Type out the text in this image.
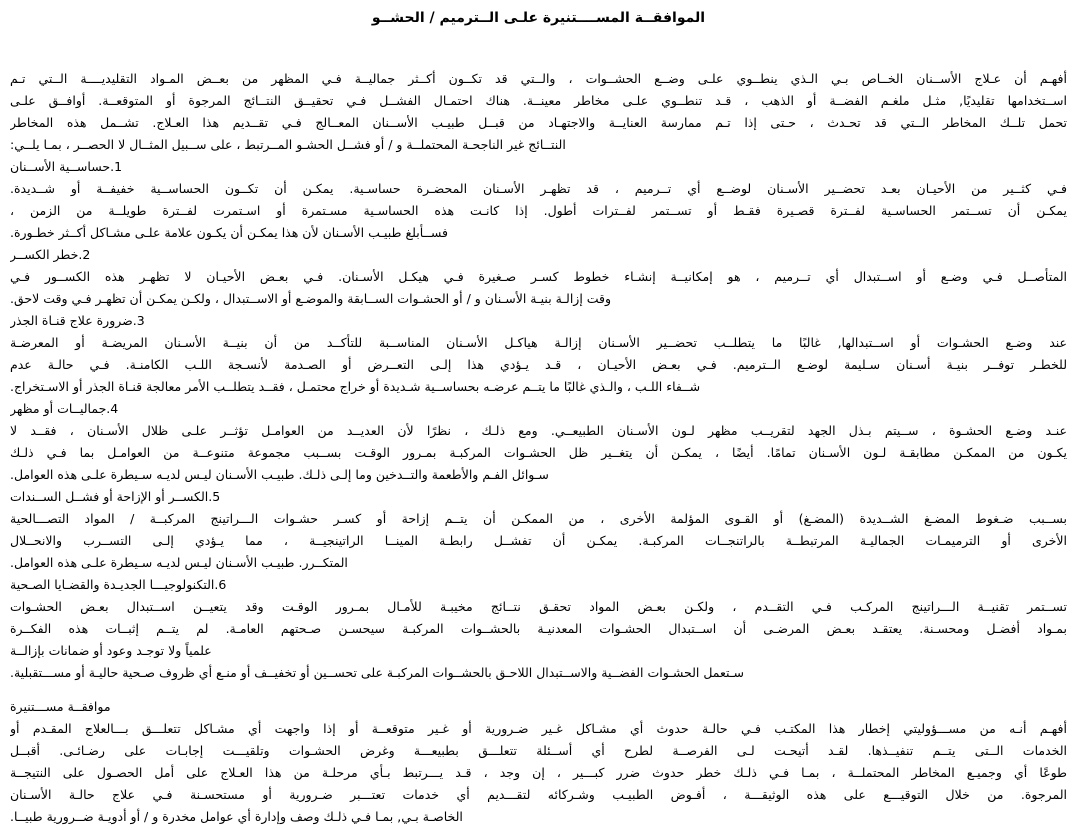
الموافقــة المســــتنيرة علـى الــترميم / الحشــو
أفهـم أن عـلاج الأســنان الخــاص بـي الـذي ينطــوي علـى وضــع الحشــوات ، والــتي قد تكــون أكــثر جماليــة فـي المظهر من بعــض المـواد التقليديــــة الــتي تـم
اســتخدامها تقليديًا, مثـل ملغـم الفضــة أو الذهب ، قـد تنطــوي علـى مخاطر معينــة. هناك احتمـال الفشــل فـي تحقيــق النتــائج المرجوة أو المتوقعــة. أوافــق علـى
تحمل تلــك المخاطر الــتي قد تحـدث ، حـتى إذا تـم ممارسة العنايــة والاجتهـاد من قبــل طبيـب الأســنان المعــالج فـي تقــديم هذا العـلاج. تشــمل هذه المخاطر
النتــائج غير الناجحـة المحتملــة و / أو فشــل الحشـو المــرتبط ، على ســبيل المثــال لا الحصــر ، بمـا يلــي:
1.حساســية الأســنان
فـي كثــير من الأحيـان بعـد تحضــير الأسـنان لوضــع أي تــرميم ، قد تظهـر الأسـنان المحضـرة حساسـية. يمكـن أن تكــون الحساســية خفيفــة أو شــديدة.
يمكـن أن تســتمر الحساسـية لفــترة قصـيرة فقـط أو تســتمر لفــترات أطول. إذا كانـت هذه الحساسـية مسـتمرة أو اسـتمرت لفــترة طويلــة من الزمن ،
فســأبلغ طبيـب الأسـنان لأن هذا يمكـن أن يكـون علامة علـى مشـاكل أكــثر خطـورة.
2.خطر الكســر
المتأصــل فـي وضـع أو اســتبدال أي تــرميم ، هو إمكانيــة إنشـاء خطوط كسـر صـغيرة فـي هيكـل الأسـنان. فـي بعـض الأحيـان لا تظهـر هذه الكســور فـي
وقت إزالـة بنيـة الأسـنان و / أو الحشـوات الســابقة والموضـع أو الاســتبدال ، ولكـن يمكـن أن تظهـر فـي وقت لاحق.
3.ضرورة علاج قنـاة الجذر
عند وضـع الحشـوات أو اســتبدالها, غالبًا ما يتطلــب تحضــير الأسـنان إزالـة هياكـل الأسـنان المناســبة للتأكــد من أن بنيــة الأسـنان المريضـة أو المعرضـة
للخطـر توفــر بنيـة أسـنان سـليمة لوضـع الــترميم. فـي بعـض الأحيـان ، قـد يـؤدي هذا إلـى التعــرض أو الصـدمة لأنسـجة اللـب الكامنـة. فـي حالـة عدم
شــفاء اللـب ، والـذي غالبًا ما يتــم عرضـه بحساســية شـديدة أو خراج محتمـل ، فقــد يتطلــب الأمر معالجة قنـاة الجذر أو الاسـتخراج.
4.جماليــات أو مظهر
عنـد وضـع الحشـوة ، ســيتم بـذل الجهد لتقريــب مظهر لـون الأسـنان الطبيعــي. ومع ذلـك ، نظرًا لأن العديــد من العوامـل تؤثــر علـى ظلال الأسـنان ، فقــد لا
يكـون من الممكـن مطابقـة لـون الأسـنان تمامًا. أيضًا ، يمكـن أن يتغــير ظل الحشـوات المركبـة بمـرور الوقـت بســبب مجموعة متنوعــة من العوامـل بما فـي ذلـك
سـوائل الفـم والأطعمة والتــدخين وما إلـى ذلـك. طبيـب الأسـنان ليـس لديـه سـيطرة علـى هذه العوامل.
5.الكســر أو الإزاحة أو فشــل الســندات
بســبب ضـغوط المضـغ الشــديدة (المضـغ) أو القـوى المؤلمة الأخرى ، من الممكـن أن يتــم إزاحة أو كسـر حشـوات الـــراتينج المركبــة / المواد التصـــالحية
الأخرى أو الترميمـات الجماليـة المرتبطــة بالراتنجــات المركبـة. يمكـن أن تفشــل رابطـة المينــا الراتينجيــة ، مما يـؤدي إلـى التســرب والانحــلال
المتكــرر. طبيـب الأسـنان ليـس لديـه سـيطرة علـى هذه العوامل.
6.التكنولوجيـــا الجديـدة والقضـايا الصـحية
تســتمر تقنيــة الـــراتينج المركـب فـي التقــدم ، ولكـن بعـض المواد تحقـق نتــائج مخيبـة للأمـال بمـرور الوقـت وقد يتعيــن اســتبدال بعـض الحشـوات
بمـواد أفضـل ومحسـنة. يعتقـد بعـض المرضـى أن اســتبدال الحشـوات المعدنيـة بالحشــوات المركبـة سيحسـن صـحتهم العامـة. لم يتــم إثبــات هذه الفكــرة
علمياً ولا توجـد وعود أو ضمانات بإزالــة
سـتعمل الحشـوات الفضــية والاســتبدال اللاحـق بالحشــوات المركبـة على تحســين أو تخفيــف أو منـع أي ظروف صـحية حاليـة أو مســـتقبلية.
موافقــة مســـتنيرة
أفهـم أنـه من مســـؤوليتي إخطار هذا المكتـب فـي حالـة حدوث أي مشـاكل غـير ضـرورية أو غـير متوقعــة أو إذا واجهت أي مشـاكل تتعلـــق بـــالعلاج المقـدم أو
الخدمات الــتى يتــم تنفيــذها. لقـد أتيحـت لـى الفرصــة لطرح أي أســئلة تتعلـــق بطبيعـــة وغرض الحشـوات وتلقيـــت إجابـات على رضـائـى. أقبــل
طوعًا أي وجميـع المخاطر المحتملــة ، بمـا فـي ذلـك خطر حدوث ضرر كبـــير ، إن وجد ، قـد يـــرتبط بـأي مرحلـة من هذا العـلاج على أمل الحصـول على النتيجــة
المرجوة. من خلال التوقيـــع على هذه الوثيقـــة ، أفـوض الطبيـب وشـركائه لتقـــديم أي خدمات تعتـــبر ضـرورية أو مستحسـنة فـي علاج حالـة الأسـنان
الخاصـة بـي, بمـا فـي ذلـك وصف وإدارة أي عوامل مخدرة و / أو أدويـة ضــرورية طبيــا.
